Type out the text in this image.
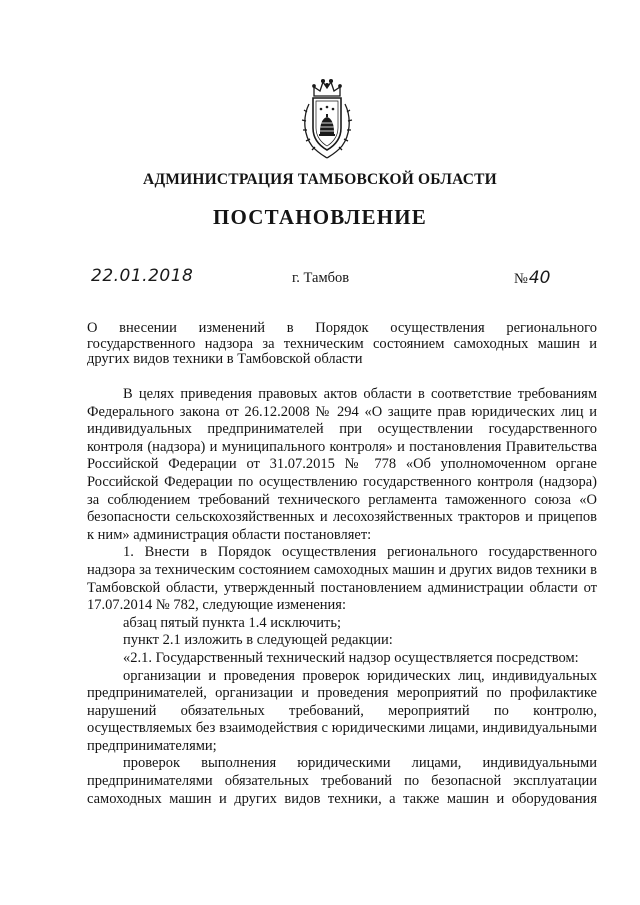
АДМИНИСТРАЦИЯ ТАМБОВСКОЙ ОБЛАСТИ
ПОСТАНОВЛЕНИЕ
22.01.2018	г. Тамбов	№40
О внесении изменений в Порядок осуществления регионального государственного надзора за техническим состоянием самоходных машин и других видов техники в Тамбовской области

В целях приведения правовых актов области в соответствие требованиям Федерального закона от 26.12.2008 № 294 «О защите прав юридических лиц и индивидуальных предпринимателей при осуществлении государственного контроля (надзора) и муниципального контроля» и постановления Правительства Российской Федерации от 31.07.2015 № 778 «Об уполномоченном органе Российской Федерации по осуществлению государственного контроля (надзора) за соблюдением требований технического регламента таможенного союза «О безопасности сельскохозяйственных и лесохозяйственных тракторов и прицепов к ним» администрация области постановляет:

1. Внести в Порядок осуществления регионального государственного надзора за техническим состоянием самоходных машин и других видов техники в Тамбовской области, утвержденный постановлением администрации области от 17.07.2014 № 782, следующие изменения:

абзац пятый пункта 1.4 исключить;

пункт 2.1 изложить в следующей редакции:

«2.1. Государственный технический надзор осуществляется посредством:

организации и проведения проверок юридических лиц, индивидуальных предпринимателей, организации и проведения мероприятий по профилактике нарушений обязательных требований, мероприятий по контролю, осуществляемых без взаимодействия с юридическими лицами, индивидуальными предпринимателями;

проверок выполнения юридическими лицами, индивидуальными предпринимателями обязательных требований по безопасной эксплуатации самоходных машин и других видов техники, а также машин и оборудования
